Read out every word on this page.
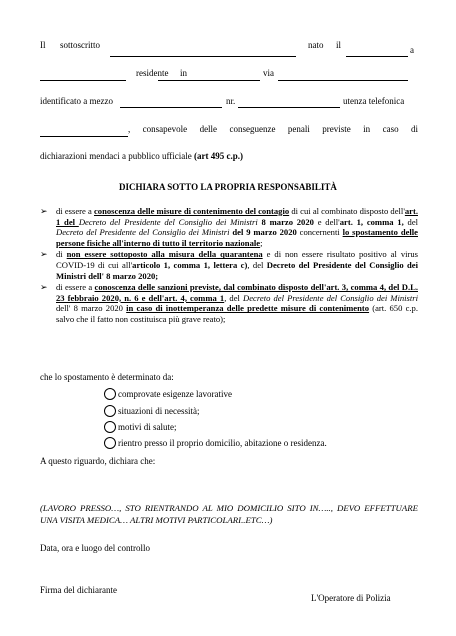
Il sottoscritto	nato il	a
residente in	via
identificato a mezzo	nr.	utenza telefonica
, consapevole delle conseguenze penali previste in caso di
dichiarazioni mendaci a pubblico ufficiale (art 495 c.p.)
DICHIARA SOTTO LA PROPRIA RESPONSABILITÀ
➢ di essere a conoscenza delle misure di contenimento del contagio di cui al combinato disposto dell'art. 1 del Decreto del Presidente del Consiglio dei Ministri 8 marzo 2020 e dell'art. 1, comma 1, del Decreto del Presidente del Consiglio dei Ministri del 9 marzo 2020 concernenti lo spostamento delle persone fisiche all'interno di tutto il territorio nazionale;
➢ di non essere sottoposto alla misura della quarantena e di non essere risultato positivo al virus COVID-19 di cui all'articolo 1, comma 1, lettera c), del Decreto del Presidente del Consiglio dei Ministri dell' 8 marzo 2020;
➢ di essere a conoscenza delle sanzioni previste, dal combinato disposto dell'art. 3, comma 4, del D.L. 23 febbraio 2020, n. 6 e dell'art. 4, comma 1, del Decreto del Presidente del Consiglio dei Ministri dell' 8 marzo 2020 in caso di inottemperanza delle predette misure di contenimento (art. 650 c.p. salvo che il fatto non costituisca più grave reato);
che lo spostamento è determinato da:
comprovate esigenze lavorative
situazioni di necessità;
motivi di salute;
rientro presso il proprio domicilio, abitazione o residenza.
A questo riguardo, dichiara che:
(LAVORO PRESSO…, STO RIENTRANDO AL MIO DOMICILIO SITO IN….., DEVO EFFETTUARE UNA VISITA MEDICA… ALTRI MOTIVI PARTICOLARI..ETC…)
Data, ora e luogo del controllo
Firma del dichiarante
L'Operatore di Polizia
